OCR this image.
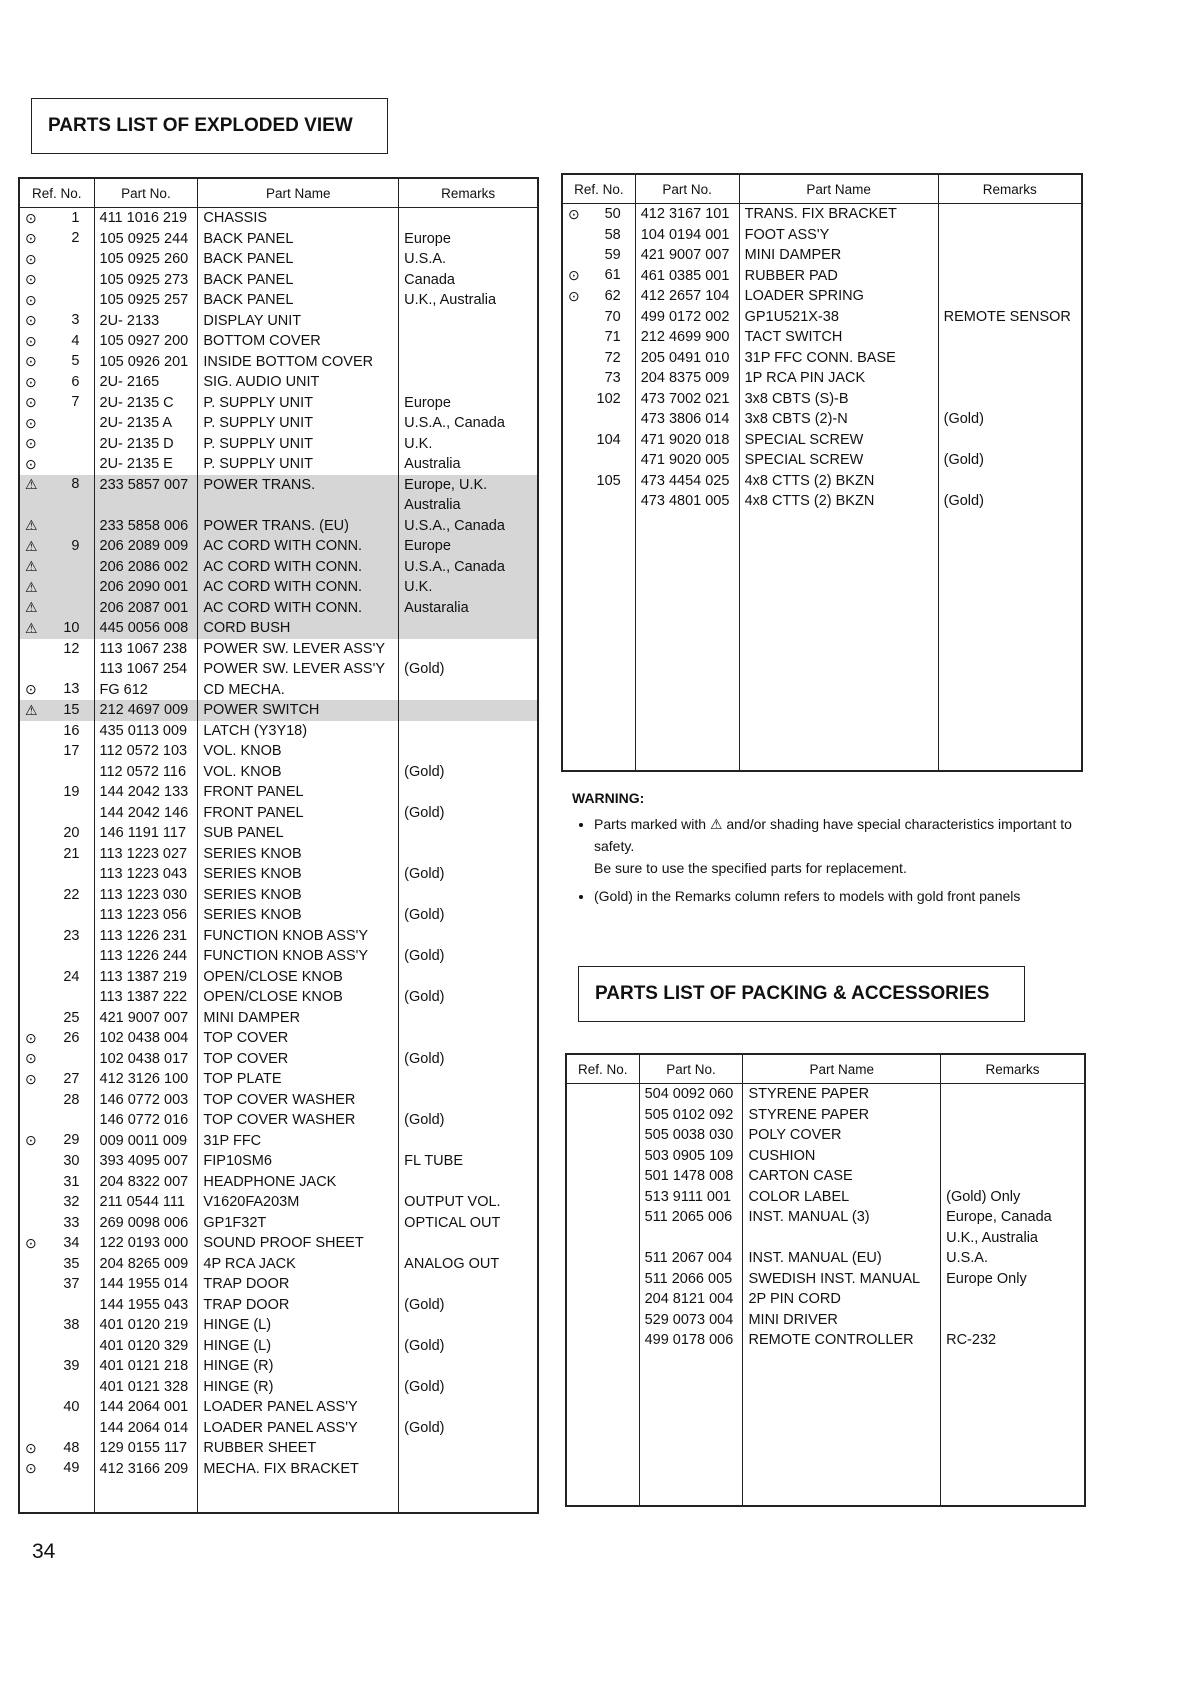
PARTS LIST OF EXPLODED VIEW
Ref. No.	Part No.	Part Name	Remarks

⊙ 1	411 1016 219	CHASSIS	

⊙ 2	105 0925 244	BACK PANEL	Europe

⊙	105 0925 260	BACK PANEL	U.S.A.

⊙	105 0925 273	BACK PANEL	Canada

⊙	105 0925 257	BACK PANEL	U.K., Australia

⊙ 3	2U- 2133	DISPLAY UNIT	

⊙ 4	105 0927 200	BOTTOM COVER	

⊙ 5	105 0926 201	INSIDE BOTTOM COVER	

⊙ 6	2U- 2165	SIG. AUDIO UNIT	

⊙ 7	2U- 2135 C	P. SUPPLY UNIT	Europe

⊙	2U- 2135 A	P. SUPPLY UNIT	U.S.A., Canada

⊙	2U- 2135 D	P. SUPPLY UNIT	U.K.

⊙	2U- 2135 E	P. SUPPLY UNIT	Australia

⚠ 8	233 5857 007	POWER TRANS.	Europe, U.K.
			Australia

⚠	233 5858 006	POWER TRANS. (EU)	U.S.A., Canada

⚠ 9	206 2089 009	AC CORD WITH CONN.	Europe

⚠	206 2086 002	AC CORD WITH CONN.	U.S.A., Canada

⚠	206 2090 001	AC CORD WITH CONN.	U.K.

⚠	206 2087 001	AC CORD WITH CONN.	Austaralia

⚠ 10	445 0056 008	CORD BUSH	
12	113 1067 238	POWER SW. LEVER ASS'Y	
	113 1067 254	POWER SW. LEVER ASS'Y	(Gold)

⊙ 13	FG 612	CD MECHA.	

⚠ 15	212 4697 009	POWER SWITCH	
16	435 0113 009	LATCH (Y3Y18)	
17	112 0572 103	VOL. KNOB	
	112 0572 116	VOL. KNOB	(Gold)
19	144 2042 133	FRONT PANEL	
	144 2042 146	FRONT PANEL	(Gold)
20	146 1191 117	SUB PANEL	
21	113 1223 027	SERIES KNOB	
	113 1223 043	SERIES KNOB	(Gold)
22	113 1223 030	SERIES KNOB	
	113 1223 056	SERIES KNOB	(Gold)
23	113 1226 231	FUNCTION KNOB ASS'Y	
	113 1226 244	FUNCTION KNOB ASS'Y	(Gold)
24	113 1387 219	OPEN/CLOSE KNOB	
	113 1387 222	OPEN/CLOSE KNOB	(Gold)
25	421 9007 007	MINI DAMPER	

⊙ 26	102 0438 004	TOP COVER	

⊙	102 0438 017	TOP COVER	(Gold)

⊙ 27	412 3126 100	TOP PLATE	
28	146 0772 003	TOP COVER WASHER	
	146 0772 016	TOP COVER WASHER	(Gold)

⊙ 29	009 0011 009	31P FFC	
30	393 4095 007	FIP10SM6	FL TUBE
31	204 8322 007	HEADPHONE JACK	
32	211 0544 111	V1620FA203M	OUTPUT VOL.
33	269 0098 006	GP1F32T	OPTICAL OUT

⊙ 34	122 0193 000	SOUND PROOF SHEET	
35	204 8265 009	4P RCA JACK	ANALOG OUT
37	144 1955 014	TRAP DOOR	
	144 1955 043	TRAP DOOR	(Gold)
38	401 0120 219	HINGE (L)	
	401 0120 329	HINGE (L)	(Gold)
39	401 0121 218	HINGE (R)	
	401 0121 328	HINGE (R)	(Gold)
40	144 2064 001	LOADER PANEL ASS'Y	
	144 2064 014	LOADER PANEL ASS'Y	(Gold)

⊙ 48	129 0155 117	RUBBER SHEET	

⊙ 49	412 3166 209	MECHA. FIX BRACKET	

Ref. No.	Part No.	Part Name	Remarks

⊙ 50	412 3167 101	TRANS. FIX BRACKET	
58	104 0194 001	FOOT ASS'Y	
59	421 9007 007	MINI DAMPER	

⊙ 61	461 0385 001	RUBBER PAD	

⊙ 62	412 2657 104	LOADER SPRING	
70	499 0172 002	GP1U521X-38	REMOTE SENSOR
71	212 4699 900	TACT SWITCH	
72	205 0491 010	31P FFC CONN. BASE	
73	204 8375 009	1P RCA PIN JACK	
102	473 7002 021	3x8 CBTS (S)-B	
	473 3806 014	3x8 CBTS (2)-N	(Gold)
104	471 9020 018	SPECIAL SCREW	
	471 9020 005	SPECIAL SCREW	(Gold)
105	473 4454 025	4x8 CTTS (2) BKZN	
	473 4801 005	4x8 CTTS (2) BKZN	(Gold)

WARNING:
• Parts marked with ⚠ and/or shading have special characteristics important to safety.
Be sure to use the specified parts for replacement.
• (Gold) in the Remarks column refers to models with gold front panels
PARTS LIST OF PACKING & ACCESSORIES
Ref. No.	Part No.	Part Name	Remarks
	504 0092 060	STYRENE PAPER	
	505 0102 092	STYRENE PAPER	
	505 0038 030	POLY COVER	
	503 0905 109	CUSHION	
	501 1478 008	CARTON CASE	
	513 9111 001	COLOR LABEL	(Gold) Only
	511 2065 006	INST. MANUAL (3)	Europe, Canada
			U.K., Australia
	511 2067 004	INST. MANUAL (EU)	U.S.A.
	511 2066 005	SWEDISH INST. MANUAL	Europe Only
	204 8121 004	2P PIN CORD	
	529 0073 004	MINI DRIVER	
	499 0178 006	REMOTE CONTROLLER	RC-232

34
